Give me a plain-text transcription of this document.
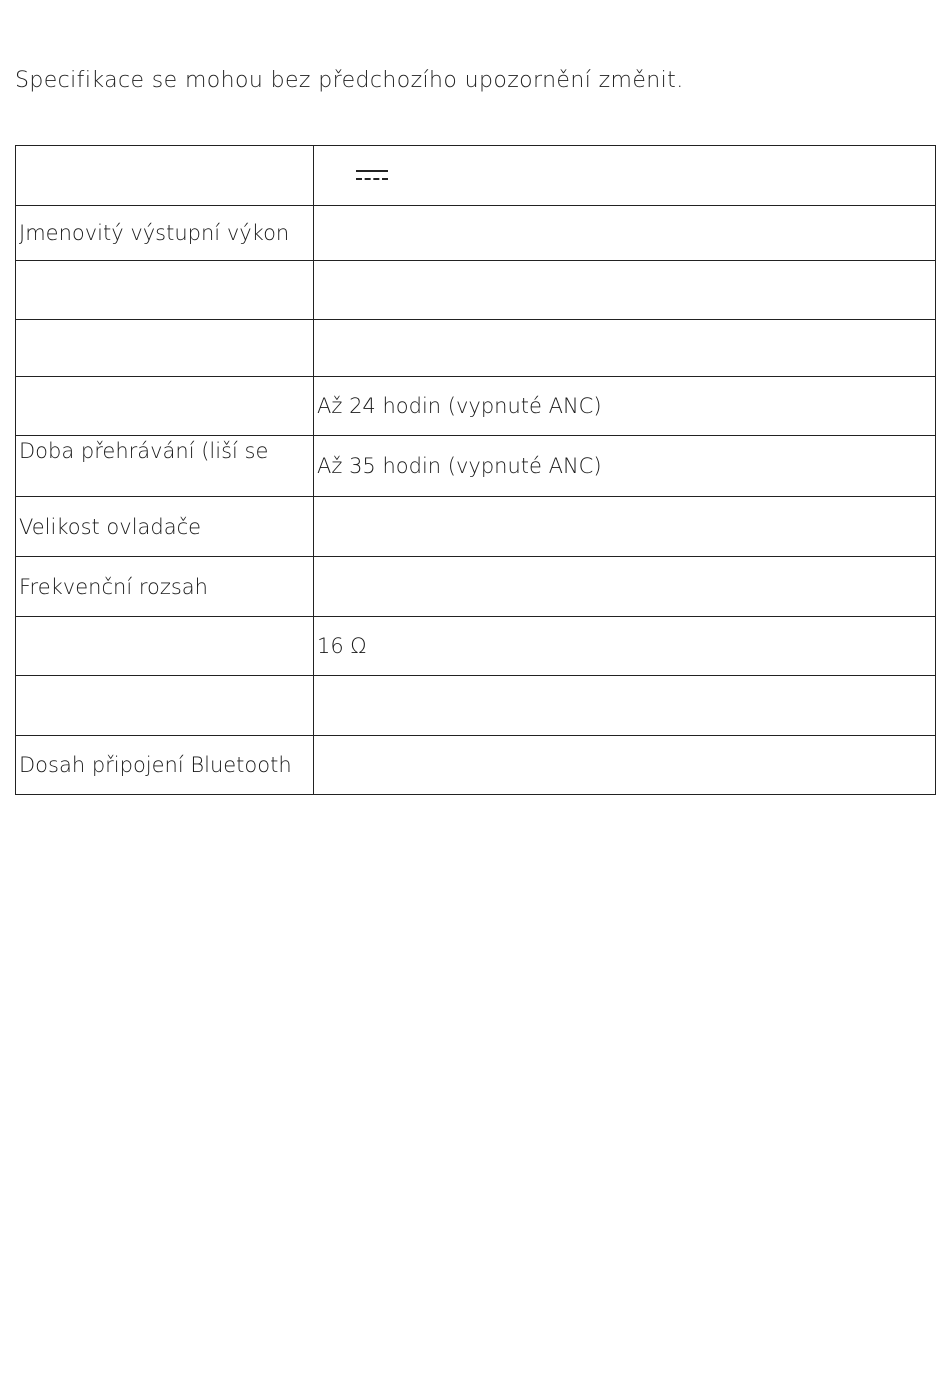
Specifikace se mohou bez předchozího upozornění změnit.

Jmenovitý výstupní výkon	

	Až 24 hodin (vypnuté ANC)
Doba přehrávání (liší se	Až 35 hodin (vypnuté ANC)
Velikost ovladače	
Frekvenční rozsah	
	16 Ω

Dosah připojení Bluetooth	
